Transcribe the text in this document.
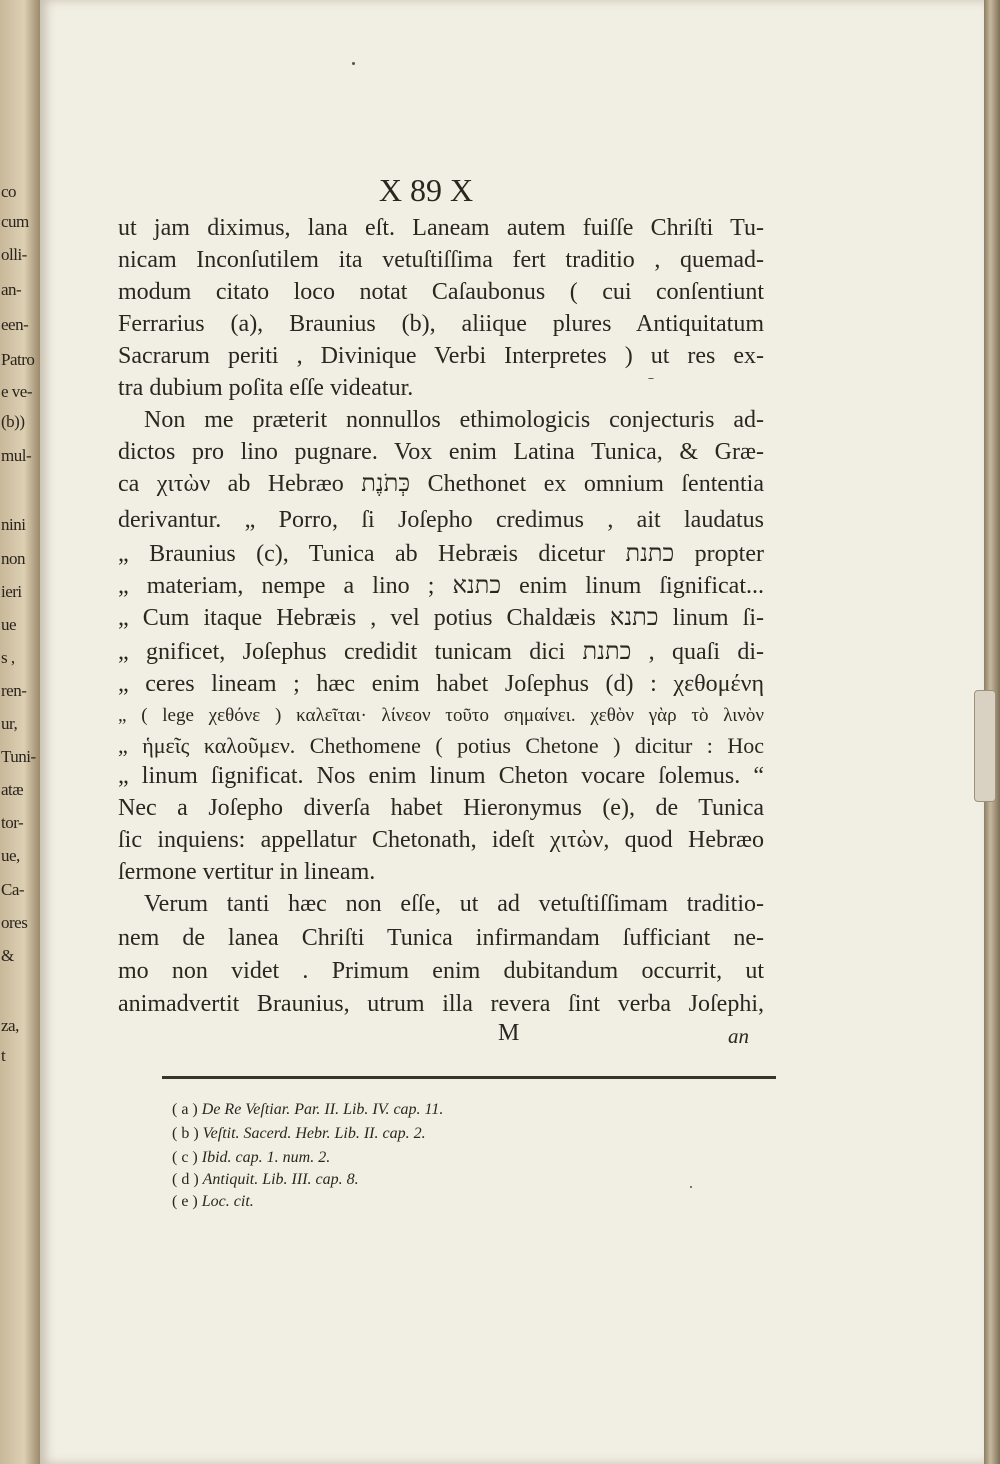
co
cum
olli-
an-
een-
Patro
e ve-
(b))
mul-
nini
non
ieri
ue
s ,
ren-
ur,
Tuni-
atæ
tor-
ue,
Ca-
ores
&
za,
t
X 89 X
ut jam diximus, lana eſt. Laneam autem fuiſſe Chriſti Tu-
nicam Inconſutilem ita vetuſtiſſima fert traditio , quemad-
modum citato loco notat Caſaubonus ( cui conſentiunt
Ferrarius (a), Braunius (b), aliique plures Antiquitatum
Sacrarum periti , Divinique Verbi Interpretes ) ut res ex-
tra dubium poſita eſſe videatur.
Non me præterit nonnullos ethimologicis conjecturis ad-
dictos pro lino pugnare. Vox enim Latina Tunica, & Græ-
ca χιτὼν ab Hebræo כְּתֹנֶת Chethonet ex omnium ſententia
derivantur. „ Porro, ſi Joſepho credimus , ait laudatus
„ Braunius (c), Tunica ab Hebræis dicetur כתנת propter
„ materiam, nempe a lino ; כתנא enim linum ſignificat...
„ Cum itaque Hebræis , vel potius Chaldæis כתנא linum ſi-
„ gnificet, Joſephus credidit tunicam dici כתנת , quaſi di-
„ ceres lineam ; hæc enim habet Joſephus (d) : χεθομένη
„ ( lege χεθόνε ) καλεῖται· λίνεον τοῦτο σημαίνει. χεθὸν γὰρ τὸ λινὸν
„ ἡμεῖς καλοῦμεν. Chethomene ( potius Chetone ) dicitur : Hoc
„ linum ſignificat. Nos enim linum Cheton vocare ſolemus. “
Nec a Joſepho diverſa habet Hieronymus (e), de Tunica
ſic inquiens: appellatur Chetonath, ideſt χιτὼν, quod Hebræo
ſermone vertitur in lineam.
Verum tanti hæc non eſſe, ut ad vetuſtiſſimam traditio-
nem de lanea Chriſti Tunica infirmandam ſufficiant ne-
mo non videt . Primum enim dubitandum occurrit, ut
animadvertit Braunius, utrum illa revera ſint verba Joſephi,
M	an
( a ) De Re Veſtiar. Par. II. Lib. IV. cap. 11.
( b ) Veſtit. Sacerd. Hebr. Lib. II. cap. 2.
( c ) Ibid. cap. 1. num. 2.
( d ) Antiquit. Lib. III. cap. 8.
( e ) Loc. cit.
